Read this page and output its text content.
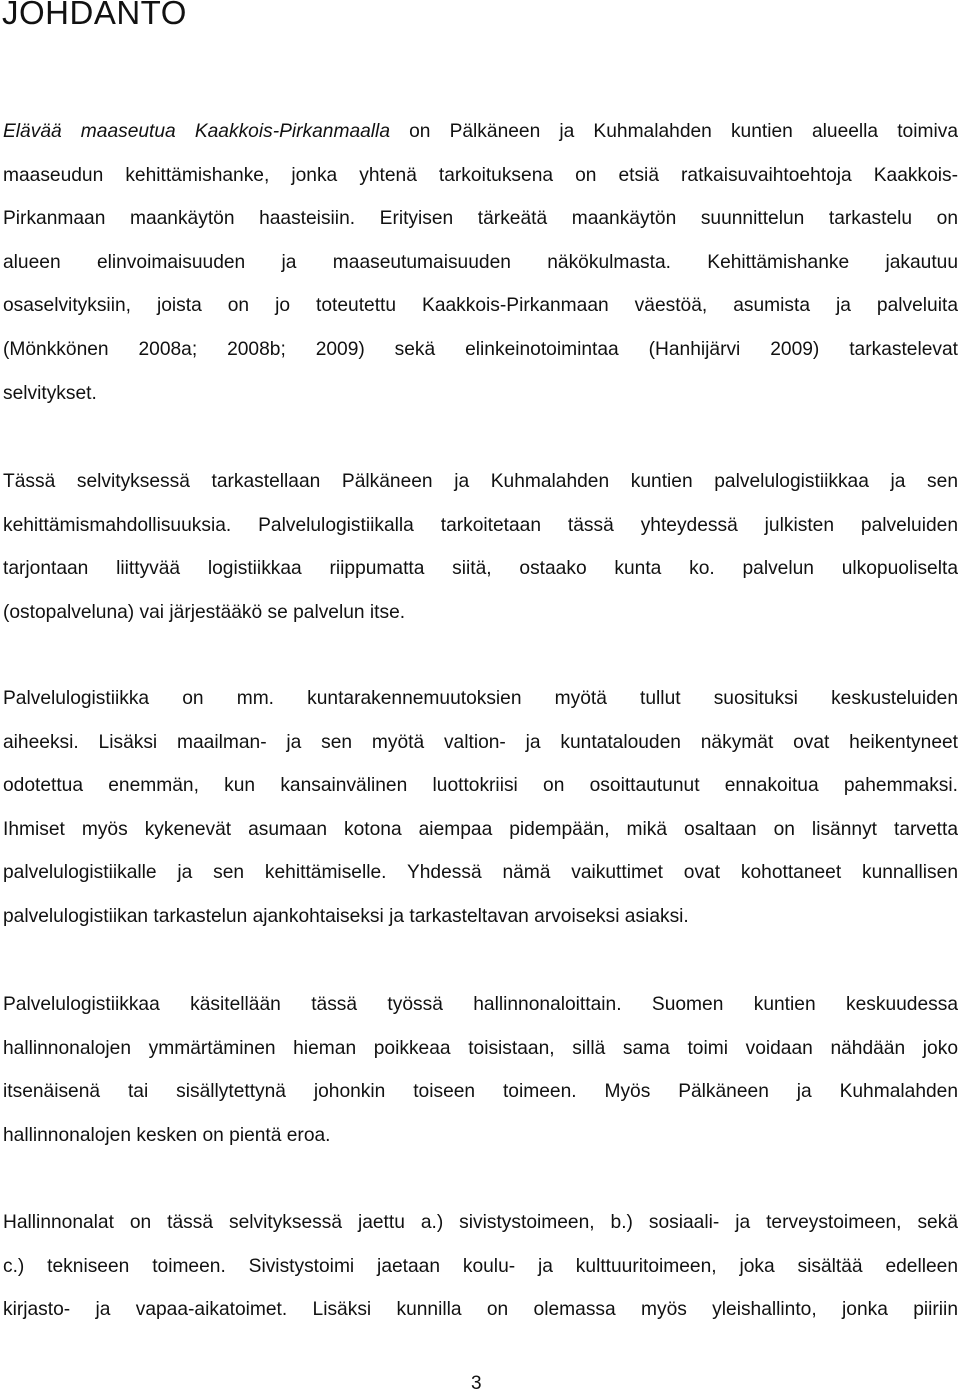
JOHDANTO
Elävää maaseutua Kaakkois-Pirkanmaalla on Pälkäneen ja Kuhmalahden kuntien alueella toimiva
maaseudun kehittämishanke, jonka yhtenä tarkoituksena on etsiä ratkaisuvaihtoehtoja Kaakkois-
Pirkanmaan maankäytön haasteisiin. Erityisen tärkeätä maankäytön suunnittelun tarkastelu on
alueen elinvoimaisuuden ja maaseutumaisuuden näkökulmasta. Kehittämishanke jakautuu
osaselvityksiin, joista on jo toteutettu Kaakkois-Pirkanmaan väestöä, asumista ja palveluita
(Mönkkönen 2008a; 2008b; 2009) sekä elinkeinotoimintaa (Hanhijärvi 2009) tarkastelevat
selvitykset.
Tässä selvityksessä tarkastellaan Pälkäneen ja Kuhmalahden kuntien palvelulogistiikkaa ja sen
kehittämismahdollisuuksia. Palvelulogistiikalla tarkoitetaan tässä yhteydessä julkisten palveluiden
tarjontaan liittyvää logistiikkaa riippumatta siitä, ostaako kunta ko. palvelun ulkopuoliselta
(ostopalveluna) vai järjestääkö se palvelun itse.
Palvelulogistiikka on mm. kuntarakennemuutoksien myötä tullut suosituksi keskusteluiden
aiheeksi. Lisäksi maailman- ja sen myötä valtion- ja kuntatalouden näkymät ovat heikentyneet
odotettua enemmän, kun kansainvälinen luottokriisi on osoittautunut ennakoitua pahemmaksi.
Ihmiset myös kykenevät asumaan kotona aiempaa pidempään, mikä osaltaan on lisännyt tarvetta
palvelulogistiikalle ja sen kehittämiselle. Yhdessä nämä vaikuttimet ovat kohottaneet kunnallisen
palvelulogistiikan tarkastelun ajankohtaiseksi ja tarkasteltavan arvoiseksi asiaksi.
Palvelulogistiikkaa käsitellään tässä työssä hallinnonaloittain. Suomen kuntien keskuudessa
hallinnonalojen ymmärtäminen hieman poikkeaa toisistaan, sillä sama toimi voidaan nähdään joko
itsenäisenä tai sisällytettynä johonkin toiseen toimeen. Myös Pälkäneen ja Kuhmalahden
hallinnonalojen kesken on pientä eroa.
Hallinnonalat on tässä selvityksessä jaettu a.) sivistystoimeen, b.) sosiaali- ja terveystoimeen, sekä
c.) tekniseen toimeen. Sivistystoimi jaetaan koulu- ja kulttuuritoimeen, joka sisältää edelleen
kirjasto- ja vapaa-aikatoimet. Lisäksi kunnilla on olemassa myös yleishallinto, jonka piiriin

3
